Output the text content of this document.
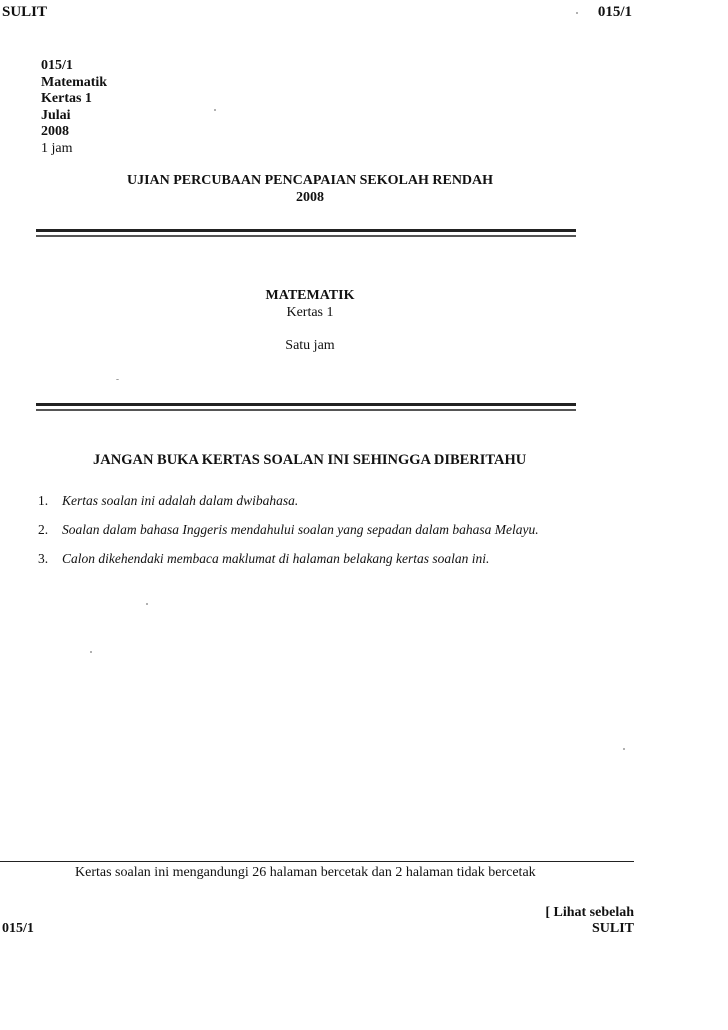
SULIT	015/1
015/1
Matematik
Kertas 1
Julai
2008
1 jam
UJIAN PERCUBAAN PENCAPAIAN SEKOLAH RENDAH
2008
MATEMATIK
Kertas 1
Satu jam
JANGAN BUKA KERTAS SOALAN INI SEHINGGA DIBERITAHU
1. Kertas soalan ini adalah dalam dwibahasa.
2. Soalan dalam bahasa Inggeris mendahului soalan yang sepadan dalam bahasa Melayu.
3. Calon dikehendaki membaca maklumat di halaman belakang kertas soalan ini.
Kertas soalan ini mengandungi 26 halaman bercetak dan 2 halaman tidak bercetak
[ Lihat sebelah
SULIT
015/1
